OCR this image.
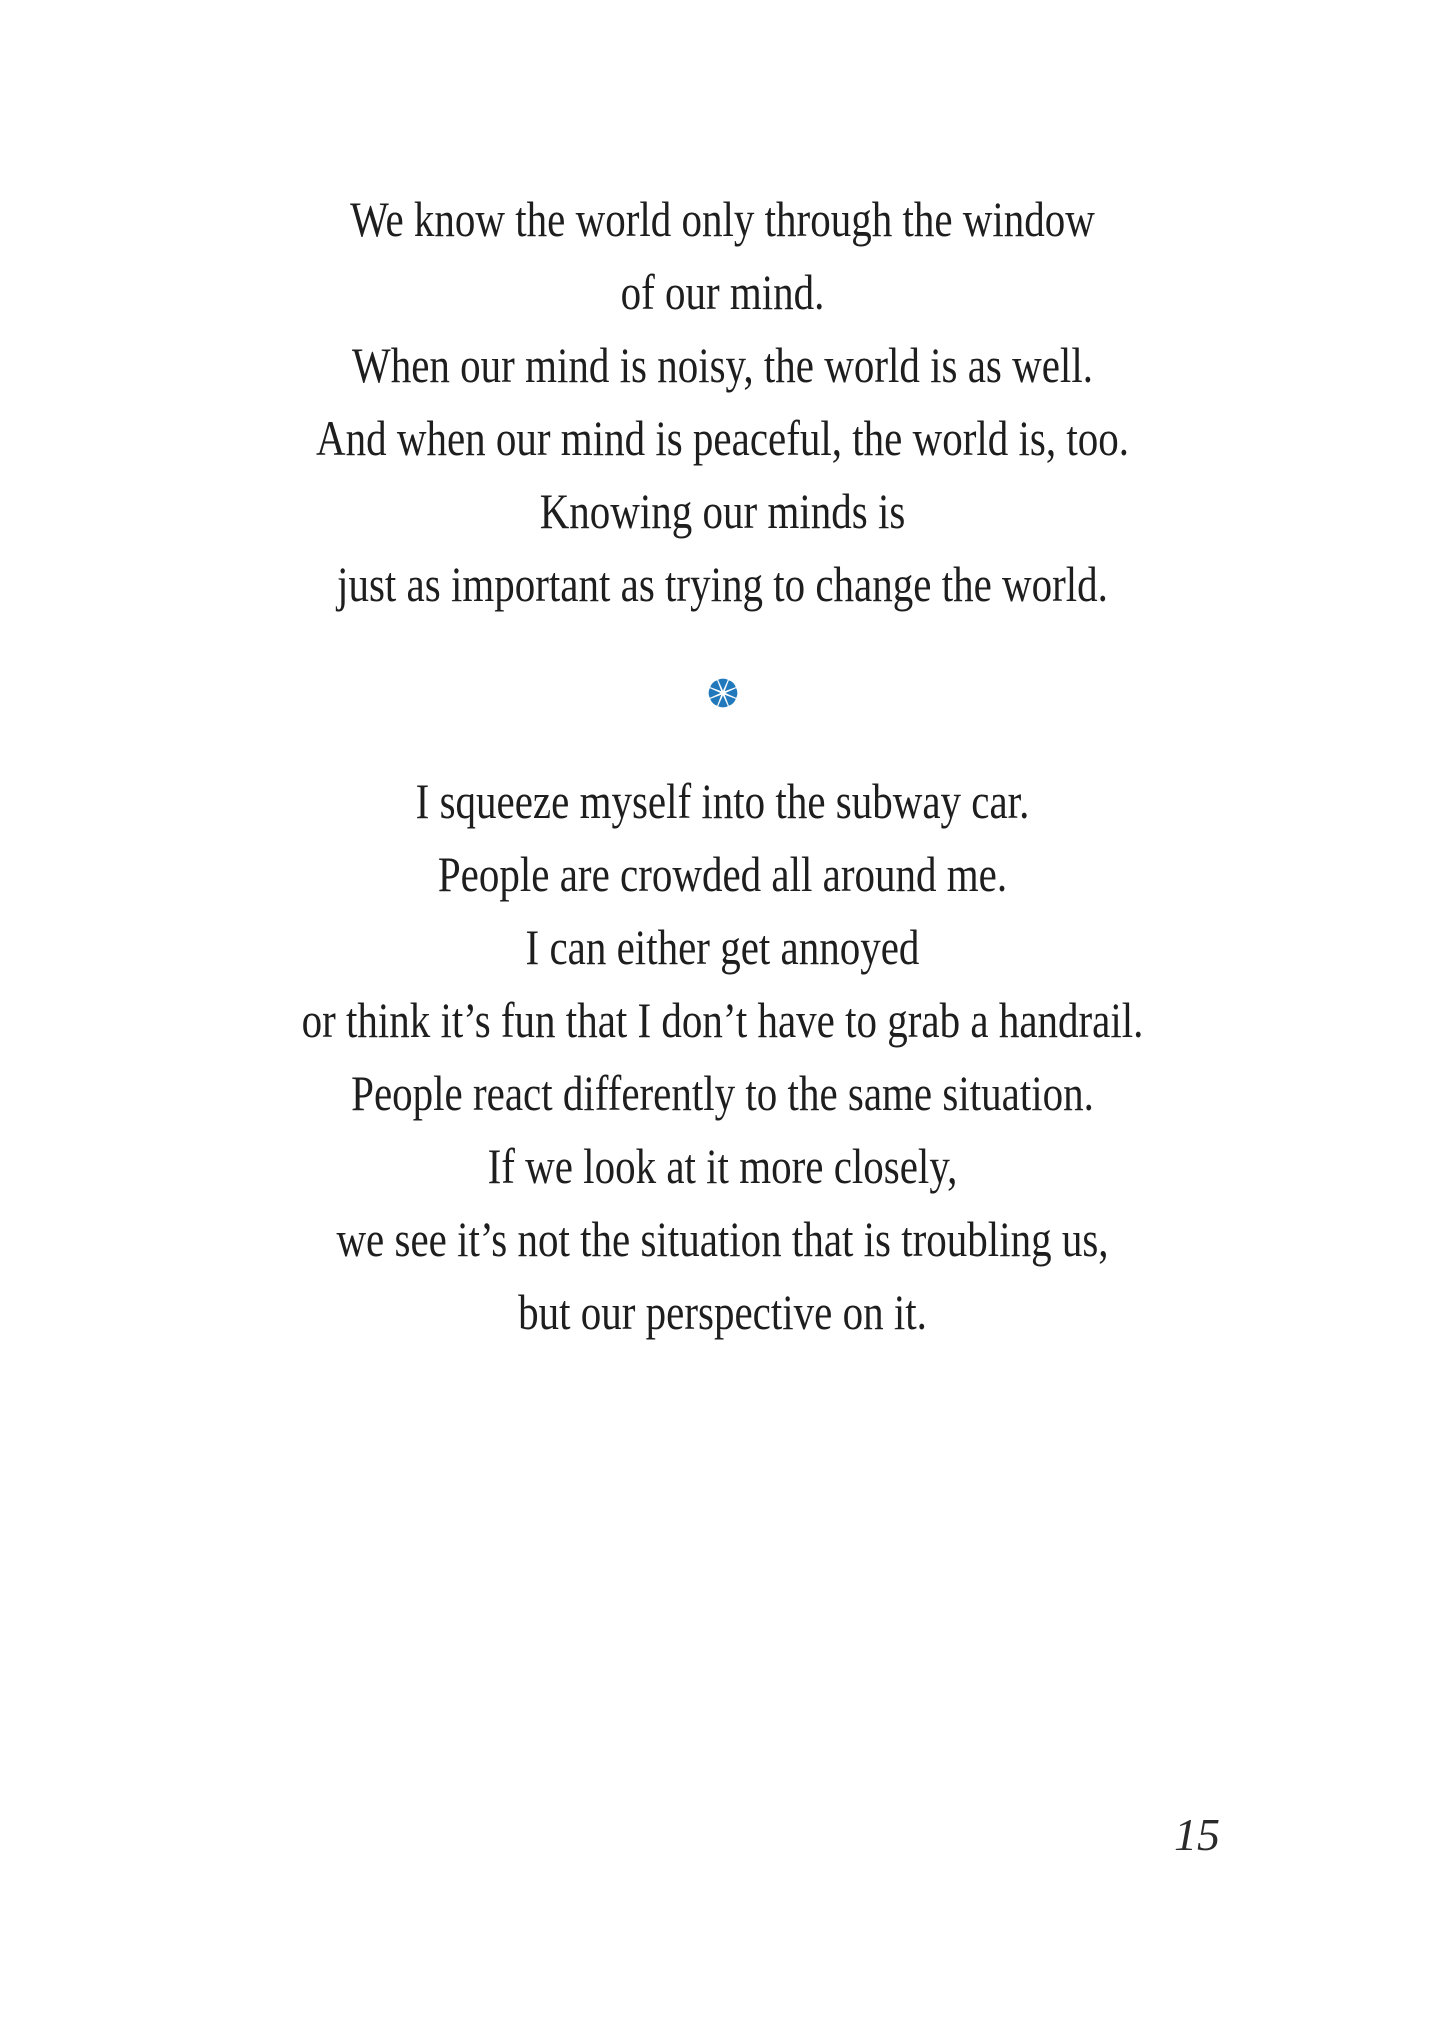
We know the world only through the window
of our mind.
When our mind is noisy, the world is as well.
And when our mind is peaceful, the world is, too.
Knowing our minds is
just as important as trying to change the world.
I squeeze myself into the subway car.
People are crowded all around me.
I can either get annoyed
or think it’s fun that I don’t have to grab a handrail.
People react differently to the same situation.
If we look at it more closely,
we see it’s not the situation that is troubling us,
but our perspective on it.
15
